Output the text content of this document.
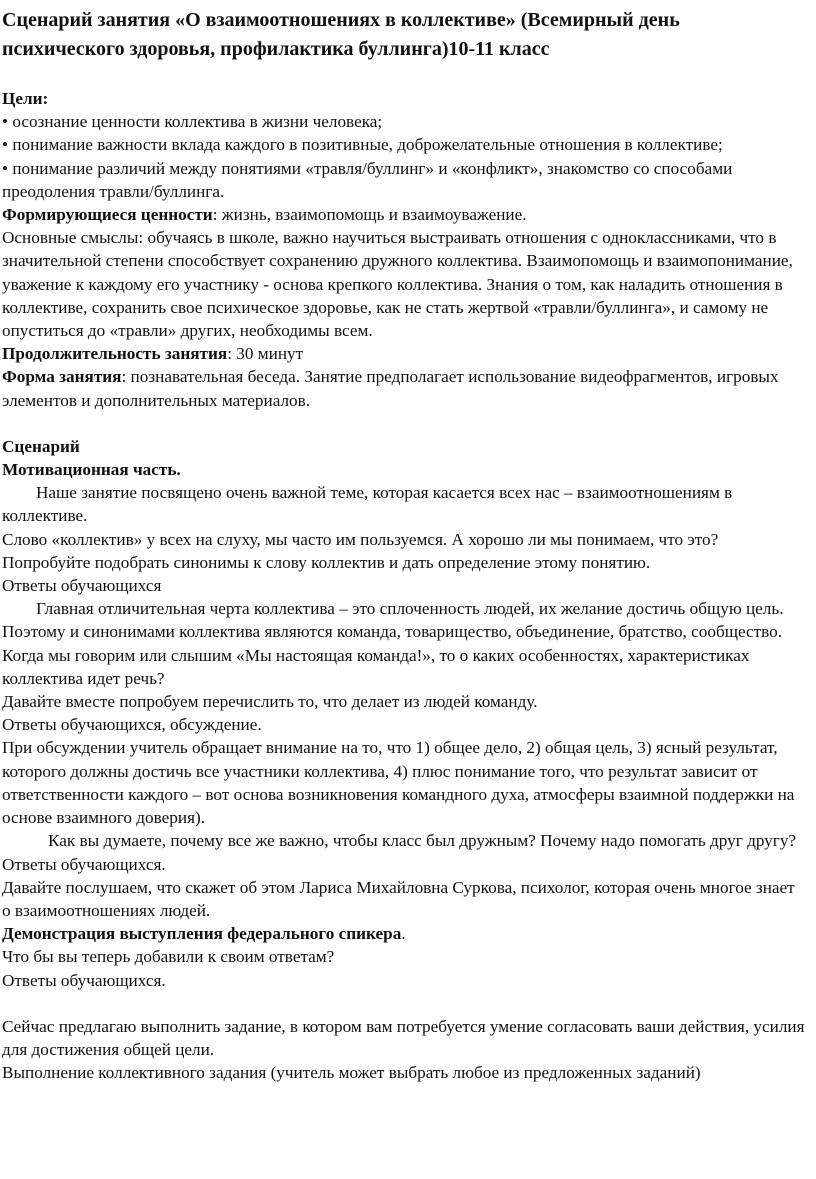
Сценарий занятия «О взаимоотношениях в коллективе» (Всемирный день психического здоровья, профилактика буллинга)10-11 класс

Цели:

• осознание ценности коллектива в жизни человека;

• понимание важности вклада каждого в позитивные, доброжелательные отношения в коллективе;

• понимание различий между понятиями «травля/буллинг» и «конфликт», знакомство со способами преодоления травли/буллинга.

Формирующиеся ценности: жизнь, взаимопомощь и взаимоуважение.

Основные смыслы: обучаясь в школе, важно научиться выстраивать отношения с одноклассниками, что в значительной степени способствует сохранению дружного коллектива. Взаимопомощь и взаимопонимание, уважение к каждому его участнику - основа крепкого коллектива. Знания о том, как наладить отношения в коллективе, сохранить свое психическое здоровье, как не стать жертвой «травли/буллинга», и самому не опуститься до «травли» других, необходимы всем.

Продолжительность занятия: 30 минут

Форма занятия: познавательная беседа. Занятие предполагает использование видеофрагментов, игровых элементов и дополнительных материалов.

Сценарий

Мотивационная часть.

Наше занятие посвящено очень важной теме, которая касается всех нас – взаимоотношениям в коллективе.

Слово «коллектив» у всех на слуху, мы часто им пользуемся. А хорошо ли мы понимаем, что это? Попробуйте подобрать синонимы к слову коллектив и дать определение этому понятию.

Ответы обучающихся

Главная отличительная черта коллектива – это сплоченность людей, их желание достичь общую цель. Поэтому и синонимами коллектива являются команда, товарищество, объединение, братство, сообщество.

Когда мы говорим или слышим «Мы настоящая команда!», то о каких особенностях, характеристиках коллектива идет речь?

Давайте вместе попробуем перечислить то, что делает из людей команду.

Ответы обучающихся, обсуждение.

При обсуждении учитель обращает внимание на то, что 1) общее дело, 2) общая цель, 3) ясный результат, которого должны достичь все участники коллектива, 4) плюс понимание того, что результат зависит от ответственности каждого – вот основа возникновения командного духа, атмосферы взаимной поддержки на основе взаимного доверия).

Как вы думаете, почему все же важно, чтобы класс был дружным? Почему надо помогать друг другу?

Ответы обучающихся.

Давайте послушаем, что скажет об этом Лариса Михайловна Суркова, психолог, которая очень многое знает о взаимоотношениях людей.

Демонстрация выступления федерального спикера.

Что бы вы теперь добавили к своим ответам?

Ответы обучающихся.

Сейчас предлагаю выполнить задание, в котором вам потребуется умение согласовать ваши действия, усилия для достижения общей цели.

Выполнение коллективного задания (учитель может выбрать любое из предложенных заданий)
